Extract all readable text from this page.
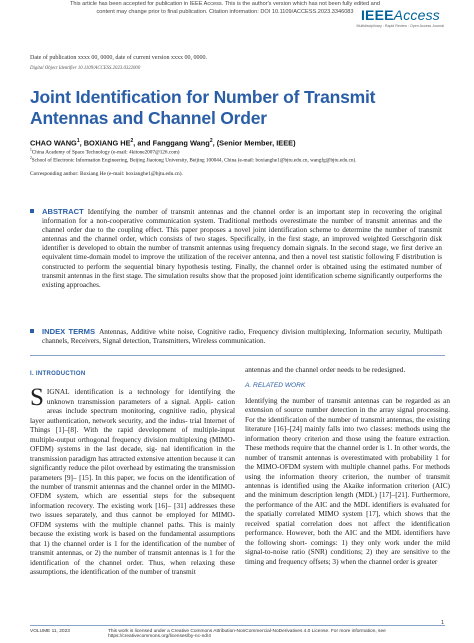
This article has been accepted for publication in IEEE Access. This is the author's version which has not been fully edited and
content may change prior to final publication. Citation information: DOI 10.1109/ACCESS.2023.3346083 IEEEAccess
Multidisciplinary : Rapid Review : Open Access Journal
Date of publication xxxx 00, 0000, date of current version xxxx 00, 0000.
Digital Object Identifier 10.1109/ACCESS.2023.0322000
Joint Identification for Number of Transmit Antennas and Channel Order
CHAO WANG$^1$, BOXIANG $HE^2$, and Fanggang Wang$^2$, (Senior Member, IEEE)
$^1$China Academy of Space Technology (e-mail: 4kitone2007@126.com)
$^2$School of Electronic Information Engineering, Beijing Jiaotong University, Beijing 100044, China (e-mail: boxianghe1@bjtu.edu.cn, wangfg@bjtu.edu.cn).
Corresponding author: Boxiang He (e-mail: boxianghe1@bjtu.edu.cn).
ABSTRACT Identifying the number of transmit antennas and the channel order is an important step in recovering the original information for a non-cooperative communication system. Traditional methods overestimate the number of transmit antennas and the channel order due to the coupling effect. This paper proposes a novel joint identification scheme to determine the number of transmit antennas and the channel order, which consists of two stages. Specifically, in the first stage, an improved weighted Gerschgorin disk identifier is developed to obtain the number of transmit antennas using frequency domain signals. In the second stage, we first derive an equivalent time-domain model to improve the utilization of the receiver antenna, and then a novel test statistic following F distribution is constructed to perform the sequential binary hypothesis testing. Finally, the channel order is obtained using the estimated number of transmit antennas in the first stage. The simulation results show that the proposed joint identification scheme significantly outperforms the existing approaches.
INDEX TERMS Antennas, Additive white noise, Cognitive radio, Frequency division multiplexing, Information security, Multipath channels, Receivers, Signal detection, Transmitters, Wireless communication.
I. INTRODUCTION
S IGNAL identification is a technology for identifying the unknown transmission parameters of a signal. Appli- cation areas include spectrum monitoring, cognitive radio, physical layer authentication, network security, and the indus- trial Internet of Things [1]–[8]. With the rapid development of multiple-input multiple-output orthogonal frequency division multiplexing (MIMO-OFDM) systems in the last decade, sig- nal identification in the transmission paradigm has attracted extensive attention because it can significantly reduce the pilot overhead by estimating the transmission parameters [9]– [15]. In this paper, we focus on the identification of the number of transmit antennas and the channel order in the MIMO-OFDM system, which are essential steps for the subsequent information recovery. The existing work [16]– [31] addresses these two issues separately, and thus cannot be employed for MIMO-OFDM systems with the multiple channel paths. This is mainly because the existing work is based on the fundamental assumptions that 1) the channel order is 1 for the identification of the number of transmit antennas, or 2) the number of transmit antennas is 1 for the identification of the channel order. Thus, when relaxing these assumptions, the identification of the number of transmit
antennas and the channel order needs to be redesigned.
A. RELATED WORK
Identifying the number of transmit antennas can be regarded as an extension of source number detection in the array signal processing. For the identification of the number of transmit antennas, the existing literature [16]–[24] mainly falls into two classes: methods using the information theory criterion and those using the feature extraction. These methods require that the channel order is 1. In other words, the number of transmit antennas is overestimated with probability 1 for the MIMO-OFDM system with multiple channel paths. For methods using the information theory criterion, the number of transmit antennas is identified using the Akaike information criterion (AIC) and the minimum description length (MDL) [17]–[21]. Furthermore, the performance of the AIC and the MDL identifiers is evaluated for the spatially correlated MIMO system [17], which shows that the received spatial correlation does not affect the identification performance. However, both the AIC and the MDL identifiers have the following short- comings: 1) they only work under the mild signal-to-noise ratio (SNR) conditions; 2) they are sensitive to the timing and frequency offsets; 3) when the channel order is greater
1
VOLUME 11, 2023	This work is licensed under a Creative Commons Attribution-NonCommercial-NoDerivatives 4.0 License. For more information, see https://creativecommons.org/licenses/by-nc-nd/4
